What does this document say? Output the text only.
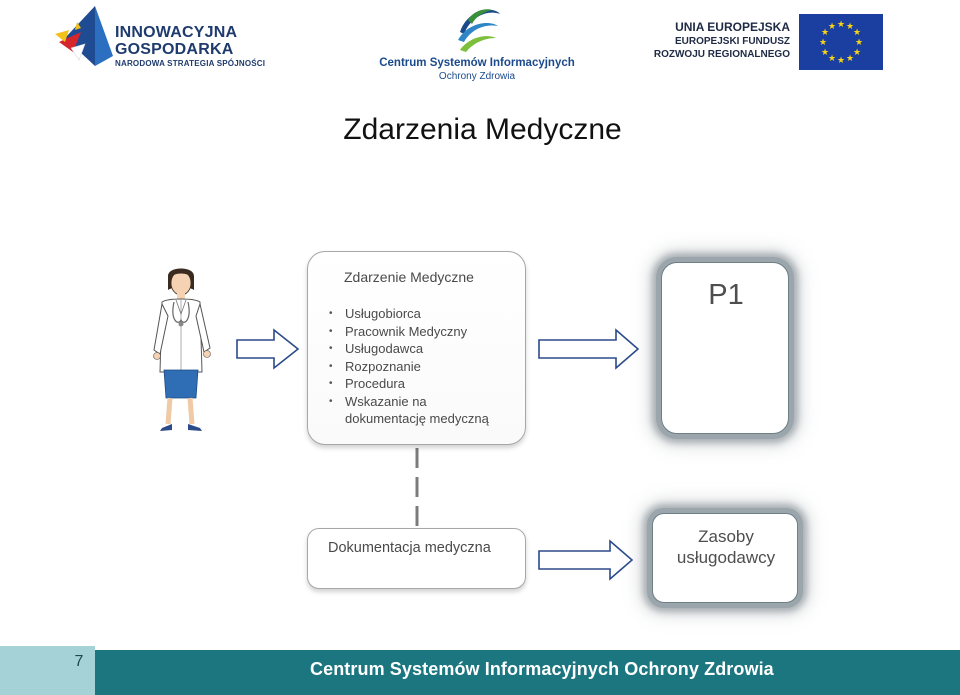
INNOWACYJNA
GOSPODARKA
NARODOWA STRATEGIA SPÓJNOŚCI	Centrum Systemów Informacyjnych
Ochrony Zdrowia
UNIA EUROPEJSKA
EUROPEJSKI FUNDUSZ
ROZWOJU REGIONALNEGO
★ ★
★
★
★
★
★
★
★
★
★
★
Zdarzenia Medyczne
Zdarzenie Medyczne
• Usługobiorca
• Pracownik Medyczny
• Usługodawca
• Rozpoznanie
• Procedura
• Wskazanie na
dokumentację medyczną
P1
Dokumentacja medyczna
Zasoby
usługodawcy
7	Centrum Systemów Informacyjnych Ochrony Zdrowia
